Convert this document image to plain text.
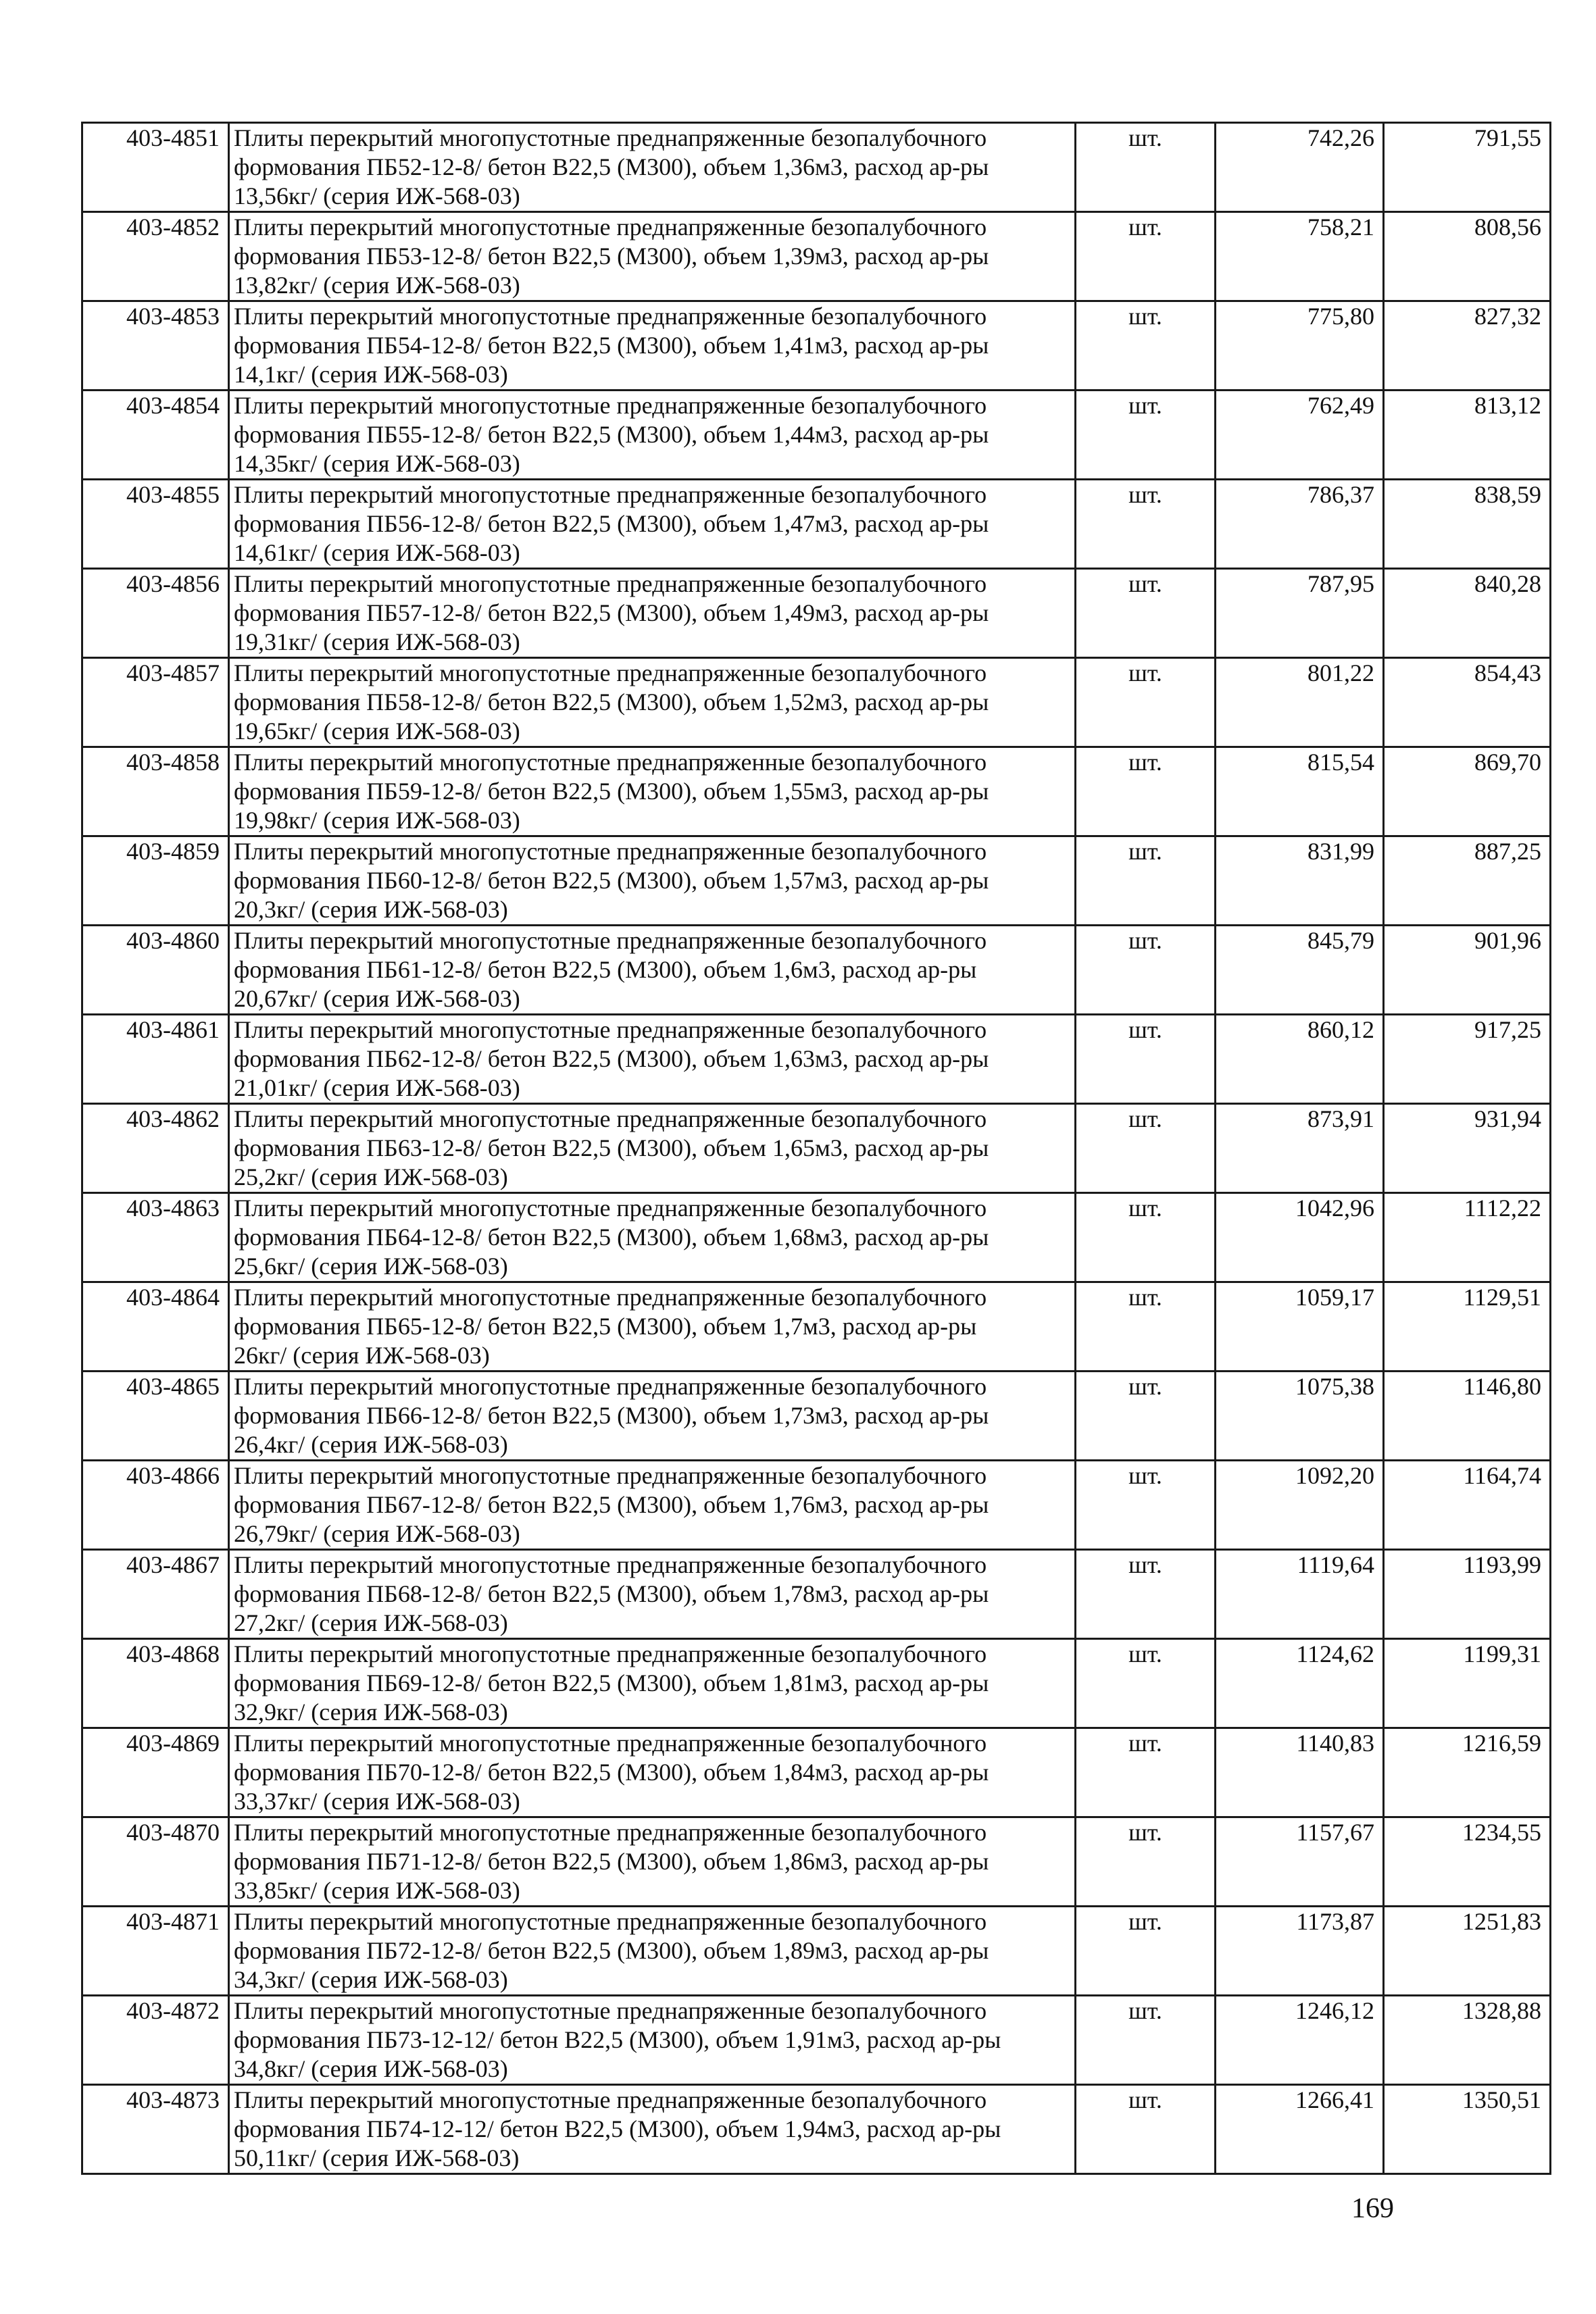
403-4851	Плиты перекрытий многопустотные преднапряженные безопалубочного
формования ПБ52-12-8/ бетон В22,5 (М300), объем 1,36м3, расход ар-ры
13,56кг/ (серия ИЖ-568-03)	шт.	742,26	791,55
403-4852	Плиты перекрытий многопустотные преднапряженные безопалубочного
формования ПБ53-12-8/ бетон В22,5 (М300), объем 1,39м3, расход ар-ры
13,82кг/ (серия ИЖ-568-03)	шт.	758,21	808,56
403-4853	Плиты перекрытий многопустотные преднапряженные безопалубочного
формования ПБ54-12-8/ бетон В22,5 (М300), объем 1,41м3, расход ар-ры
14,1кг/ (серия ИЖ-568-03)	шт.	775,80	827,32
403-4854	Плиты перекрытий многопустотные преднапряженные безопалубочного
формования ПБ55-12-8/ бетон В22,5 (М300), объем 1,44м3, расход ар-ры
14,35кг/ (серия ИЖ-568-03)	шт.	762,49	813,12
403-4855	Плиты перекрытий многопустотные преднапряженные безопалубочного
формования ПБ56-12-8/ бетон В22,5 (М300), объем 1,47м3, расход ар-ры
14,61кг/ (серия ИЖ-568-03)	шт.	786,37	838,59
403-4856	Плиты перекрытий многопустотные преднапряженные безопалубочного
формования ПБ57-12-8/ бетон В22,5 (М300), объем 1,49м3, расход ар-ры
19,31кг/ (серия ИЖ-568-03)	шт.	787,95	840,28
403-4857	Плиты перекрытий многопустотные преднапряженные безопалубочного
формования ПБ58-12-8/ бетон В22,5 (М300), объем 1,52м3, расход ар-ры
19,65кг/ (серия ИЖ-568-03)	шт.	801,22	854,43
403-4858	Плиты перекрытий многопустотные преднапряженные безопалубочного
формования ПБ59-12-8/ бетон В22,5 (М300), объем 1,55м3, расход ар-ры
19,98кг/ (серия ИЖ-568-03)	шт.	815,54	869,70
403-4859	Плиты перекрытий многопустотные преднапряженные безопалубочного
формования ПБ60-12-8/ бетон В22,5 (М300), объем 1,57м3, расход ар-ры
20,3кг/ (серия ИЖ-568-03)	шт.	831,99	887,25
403-4860	Плиты перекрытий многопустотные преднапряженные безопалубочного
формования ПБ61-12-8/ бетон В22,5 (М300), объем 1,6м3, расход ар-ры
20,67кг/ (серия ИЖ-568-03)	шт.	845,79	901,96
403-4861	Плиты перекрытий многопустотные преднапряженные безопалубочного
формования ПБ62-12-8/ бетон В22,5 (М300), объем 1,63м3, расход ар-ры
21,01кг/ (серия ИЖ-568-03)	шт.	860,12	917,25
403-4862	Плиты перекрытий многопустотные преднапряженные безопалубочного
формования ПБ63-12-8/ бетон В22,5 (М300), объем 1,65м3, расход ар-ры
25,2кг/ (серия ИЖ-568-03)	шт.	873,91	931,94
403-4863	Плиты перекрытий многопустотные преднапряженные безопалубочного
формования ПБ64-12-8/ бетон В22,5 (М300), объем 1,68м3, расход ар-ры
25,6кг/ (серия ИЖ-568-03)	шт.	1042,96	1112,22
403-4864	Плиты перекрытий многопустотные преднапряженные безопалубочного
формования ПБ65-12-8/ бетон В22,5 (М300), объем 1,7м3, расход ар-ры
26кг/ (серия ИЖ-568-03)	шт.	1059,17	1129,51
403-4865	Плиты перекрытий многопустотные преднапряженные безопалубочного
формования ПБ66-12-8/ бетон В22,5 (М300), объем 1,73м3, расход ар-ры
26,4кг/ (серия ИЖ-568-03)	шт.	1075,38	1146,80
403-4866	Плиты перекрытий многопустотные преднапряженные безопалубочного
формования ПБ67-12-8/ бетон В22,5 (М300), объем 1,76м3, расход ар-ры
26,79кг/ (серия ИЖ-568-03)	шт.	1092,20	1164,74
403-4867	Плиты перекрытий многопустотные преднапряженные безопалубочного
формования ПБ68-12-8/ бетон В22,5 (М300), объем 1,78м3, расход ар-ры
27,2кг/ (серия ИЖ-568-03)	шт.	1119,64	1193,99
403-4868	Плиты перекрытий многопустотные преднапряженные безопалубочного
формования ПБ69-12-8/ бетон В22,5 (М300), объем 1,81м3, расход ар-ры
32,9кг/ (серия ИЖ-568-03)	шт.	1124,62	1199,31
403-4869	Плиты перекрытий многопустотные преднапряженные безопалубочного
формования ПБ70-12-8/ бетон В22,5 (М300), объем 1,84м3, расход ар-ры
33,37кг/ (серия ИЖ-568-03)	шт.	1140,83	1216,59
403-4870	Плиты перекрытий многопустотные преднапряженные безопалубочного
формования ПБ71-12-8/ бетон В22,5 (М300), объем 1,86м3, расход ар-ры
33,85кг/ (серия ИЖ-568-03)	шт.	1157,67	1234,55
403-4871	Плиты перекрытий многопустотные преднапряженные безопалубочного
формования ПБ72-12-8/ бетон В22,5 (М300), объем 1,89м3, расход ар-ры
34,3кг/ (серия ИЖ-568-03)	шт.	1173,87	1251,83
403-4872	Плиты перекрытий многопустотные преднапряженные безопалубочного
формования ПБ73-12-12/ бетон В22,5 (М300), объем 1,91м3, расход ар-ры
34,8кг/ (серия ИЖ-568-03)	шт.	1246,12	1328,88
403-4873	Плиты перекрытий многопустотные преднапряженные безопалубочного
формования ПБ74-12-12/ бетон В22,5 (М300), объем 1,94м3, расход ар-ры
50,11кг/ (серия ИЖ-568-03)	шт.	1266,41	1350,51
169
